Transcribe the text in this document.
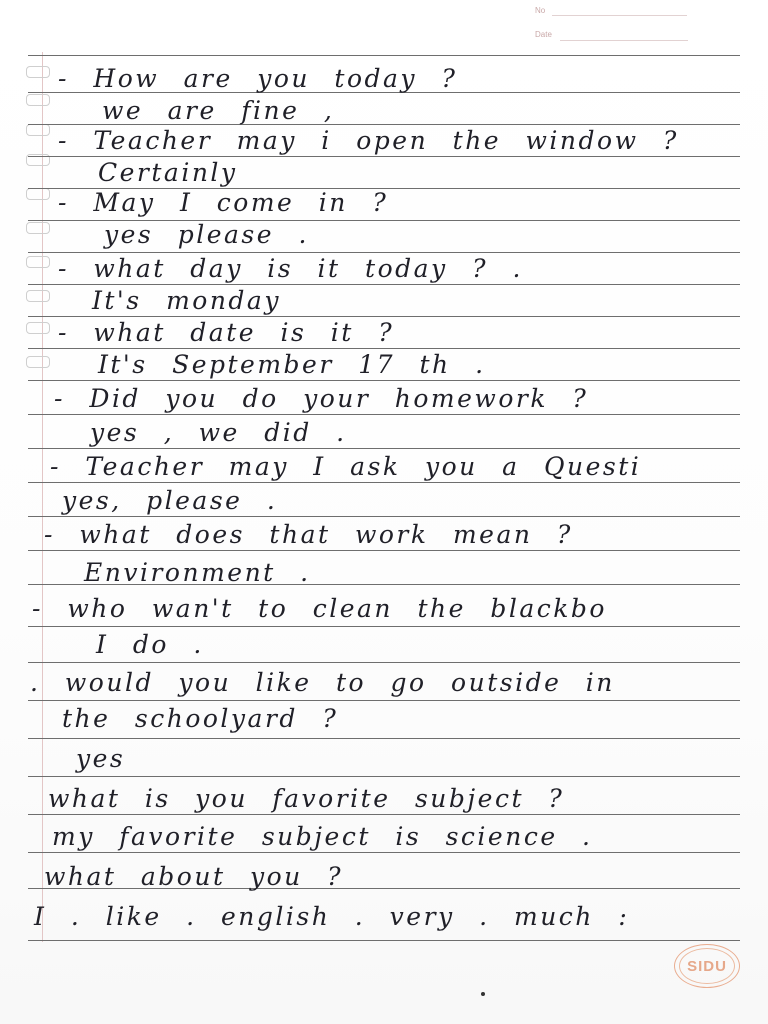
No
Date
- How are you today ?
we are fine ,
- Teacher may i open the window ?
Certainly
- May I come in ?
yes please .
- what day is it today ? .
It's monday
- what date is it ?
It's September 17 th .
- Did you do your homework ?
yes , we did .
- Teacher may I ask you a Questi
yes, please .
- what does that work mean ?
Environment .
- who wan't to clean the blackbo
I do .
. would you like to go outside in
the schoolyard ?
yes
what is you favorite subject ?
my favorite subject is science .
what about you ?
I . like . english . very . much :
SIDU
